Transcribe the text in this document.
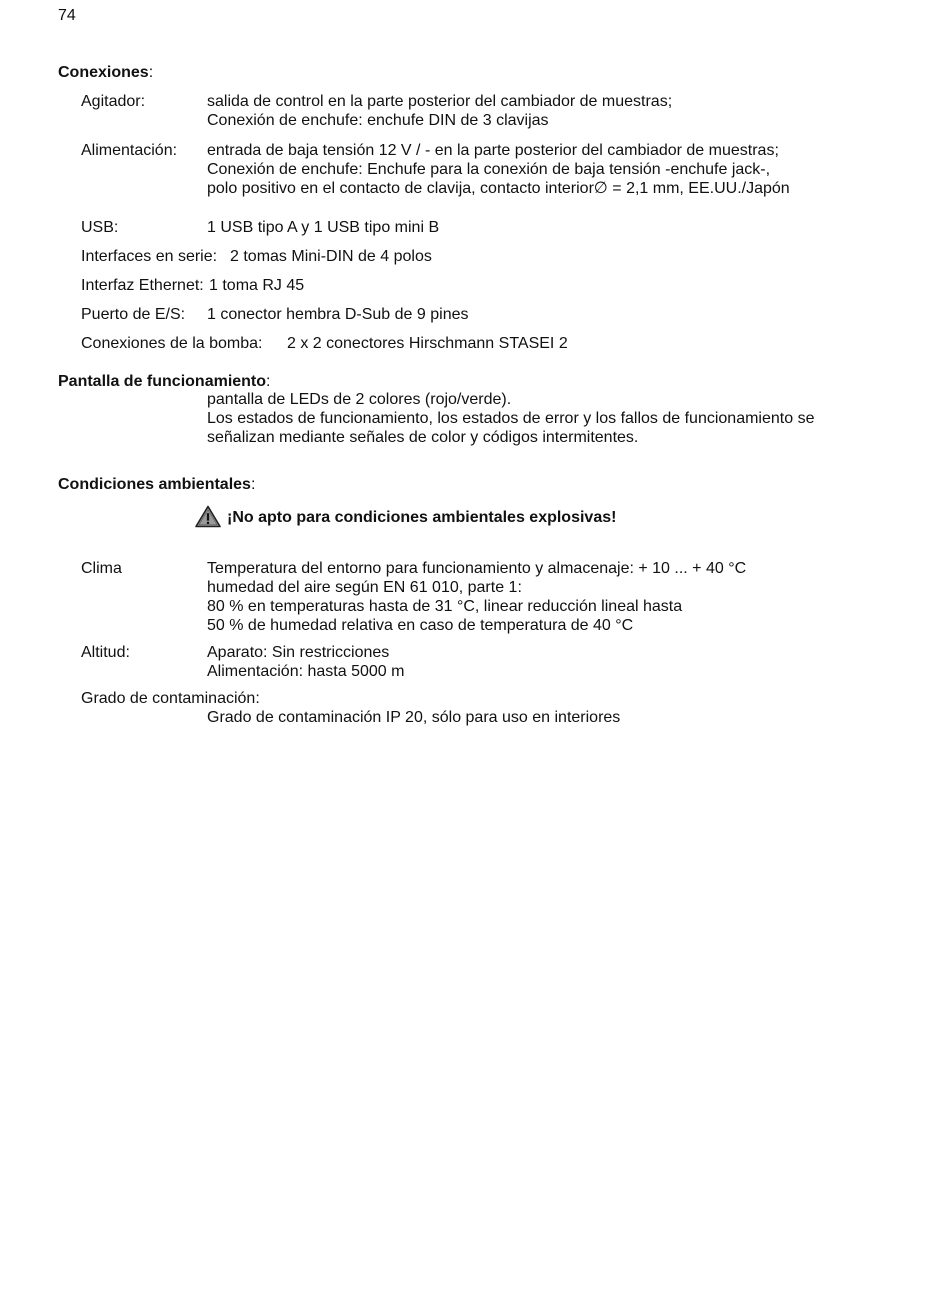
74
Conexiones:
Agitador:	salida de control en la parte posterior del cambiador de muestras;
Conexión de enchufe: enchufe DIN de 3 clavijas
Alimentación: entrada de baja tensión 12 V / - en la parte posterior del cambiador de muestras;
Conexión de enchufe: Enchufe para la conexión de baja tensión -enchufe jack-,
polo positivo en el contacto de clavija, contacto interior∅ = 2,1 mm, EE.UU./Japón
USB:	1 USB tipo A y 1 USB tipo mini B
Interfaces en serie: 2 tomas Mini-DIN de 4 polos
Interfaz Ethernet: 1 toma RJ 45
Puerto de E/S: 1 conector hembra D-Sub de 9 pines
Conexiones de la bomba: 2 x 2 conectores Hirschmann STASEI 2
Pantalla de funcionamiento:
pantalla de LEDs de 2 colores (rojo/verde).
Los estados de funcionamiento, los estados de error y los fallos de funcionamiento se
señalizan mediante señales de color y códigos intermitentes.
Condiciones ambientales:
¡No apto para condiciones ambientales explosivas!
Clima	Temperatura del entorno para funcionamiento y almacenaje: + 10 ... + 40 °C
humedad del aire según EN 61 010, parte 1:
80 % en temperaturas hasta de 31 °C, linear reducción lineal hasta
50 % de humedad relativa en caso de temperatura de 40 °C
Altitud:	Aparato: Sin restricciones
Alimentación: hasta 5000 m
Grado de contaminación:
Grado de contaminación IP 20, sólo para uso en interiores
